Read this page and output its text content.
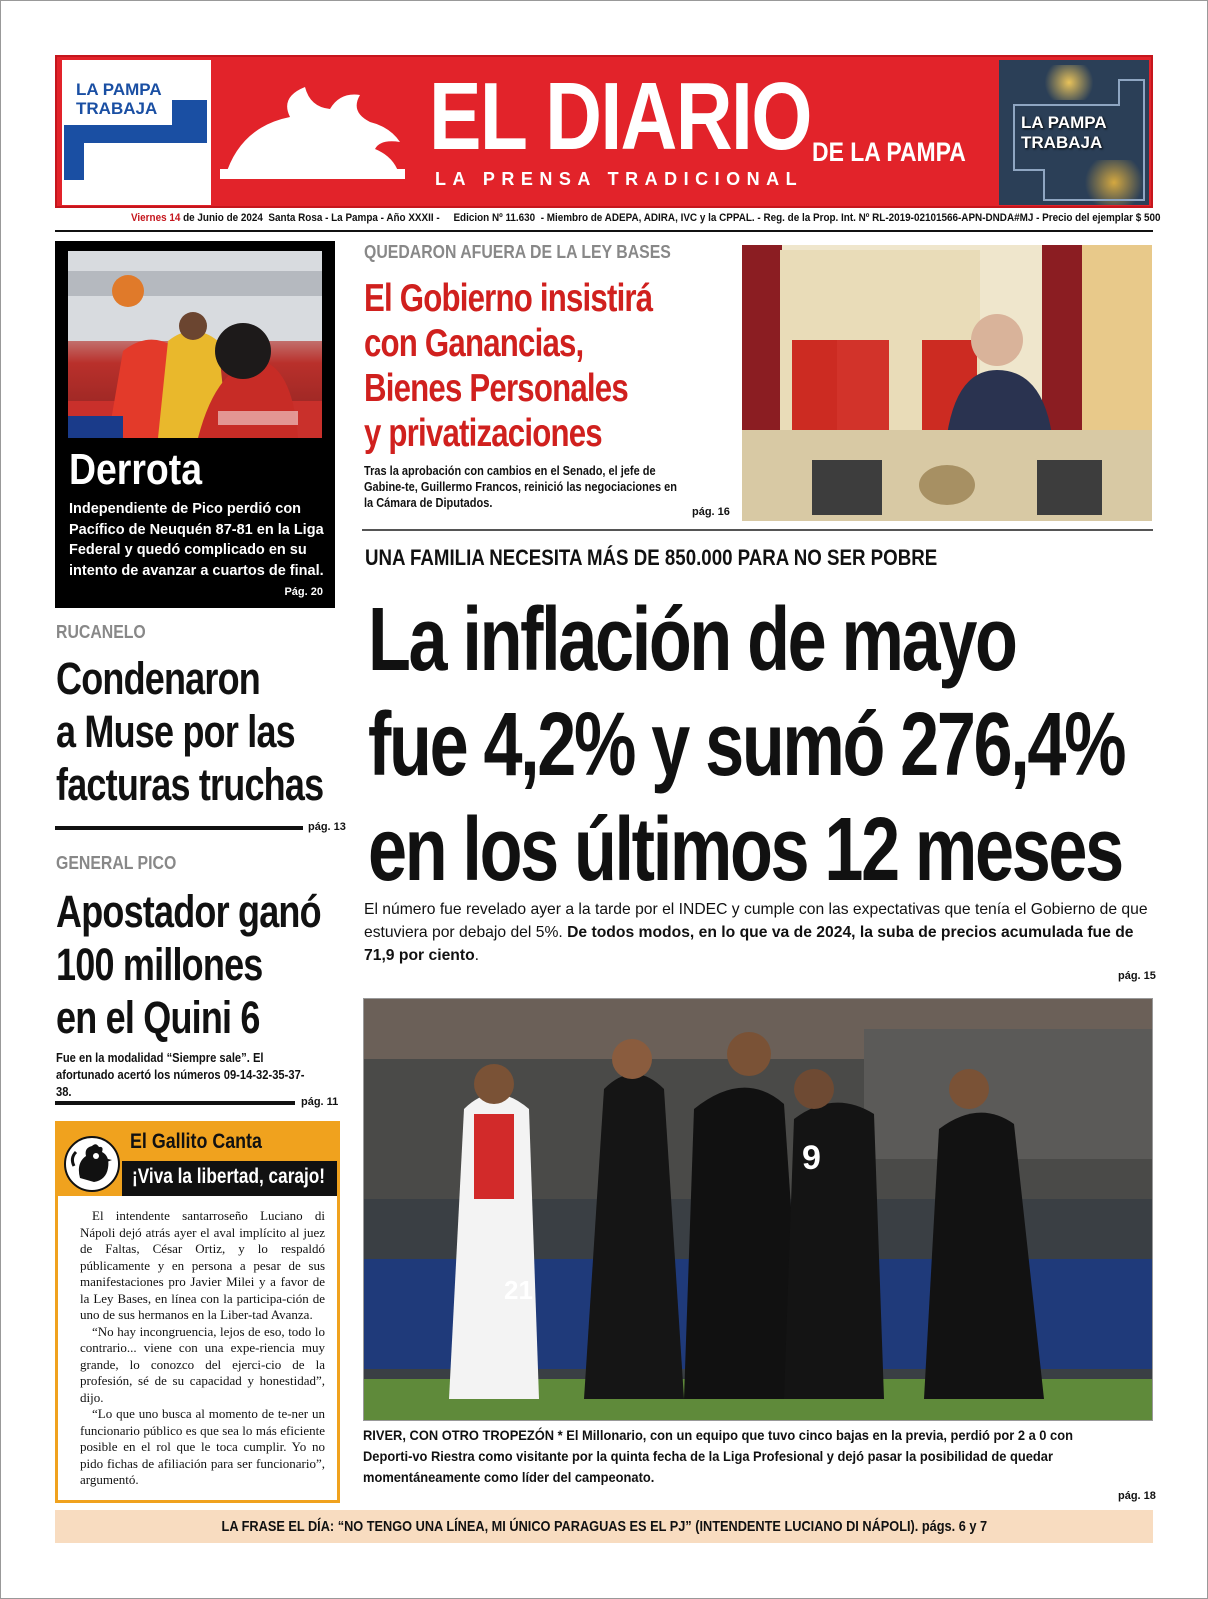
LA PAMPA
TRABAJA	EL DIARIO DE LA PAMPA
LA PRENSA TRADICIONAL
LA PAMPA
TRABAJA
Viernes 14 de Junio de 2024 Santa Rosa - La Pampa - Año XXXII -     Edicion Nº 11.630  - Miembro de ADEPA, ADIRA, IVC y la CPPAL. - Reg. de la Prop. Int. Nº RL-2019-02101566-APN-DNDA#MJ - Precio del ejemplar $ 500
Derrota
Independiente de Pico perdió con Pacífico de Neuquén 87-81 en la Liga Federal y quedó complicado en su intento de avanzar a cuartos de final.
Pág. 20
RUCANELO
Condenaron
a Muse por las
facturas truchas
pág. 13
GENERAL PICO
Apostador ganó
100 millones
en el Quini 6
Fue en la modalidad “Siempre sale”. El afortunado acertó los números 09-14-32-35-37-38.
pág. 11
El Gallito Canta
¡Viva la libertad, carajo!

El intendente santarroseño Luciano di Nápoli dejó atrás ayer el aval implícito al juez de Faltas, César Ortiz, y lo respaldó públicamente y en persona a pesar de sus manifestaciones pro Javier Milei y a favor de la Ley Bases, en línea con la participa-ción de uno de sus hermanos en la Liber-tad Avanza.

“No hay incongruencia, lejos de eso, todo lo contrario... viene con una expe-riencia muy grande, lo conozco del ejerci-cio de la profesión, sé de su capacidad y honestidad”, dijo.

“Lo que uno busca al momento de te-ner un funcionario público es que sea lo más eficiente posible en el rol que le toca cumplir. Yo no pido fichas de afiliación para ser funcionario”, argumentó.

QUEDARON AFUERA DE LA LEY BASES
El Gobierno insistirá
con Ganancias,
Bienes Personales
y privatizaciones
Tras la aprobación con cambios en el Senado, el jefe de Gabine-te, Guillermo Francos, reinició las negociaciones en la Cámara de Diputados.
pág. 16
UNA FAMILIA NECESITA MÁS DE 850.000 PARA NO SER POBRE
La inflación de mayo
fue 4,2% y sumó 276,4%
en los últimos 12 meses
El número fue revelado ayer a la tarde por el INDEC y cumple con las expectativas que tenía el Gobierno de que estuviera por debajo del 5%. De todos modos, en lo que va de 2024, la suba de precios acumulada fue de 71,9 por ciento.
pág. 15
9
21
RIVER, CON OTRO TROPEZÓN * El Millonario, con un equipo que tuvo cinco bajas en la previa, perdió por 2 a 0 con Deporti-vo Riestra como visitante por la quinta fecha de la Liga Profesional y dejó pasar la posibilidad de quedar momentáneamente como líder del campeonato.
pág. 18
LA FRASE EL DÍA: “NO TENGO UNA LÍNEA, MI ÚNICO PARAGUAS ES EL PJ” (INTENDENTE LUCIANO DI NÁPOLI). págs. 6 y 7
